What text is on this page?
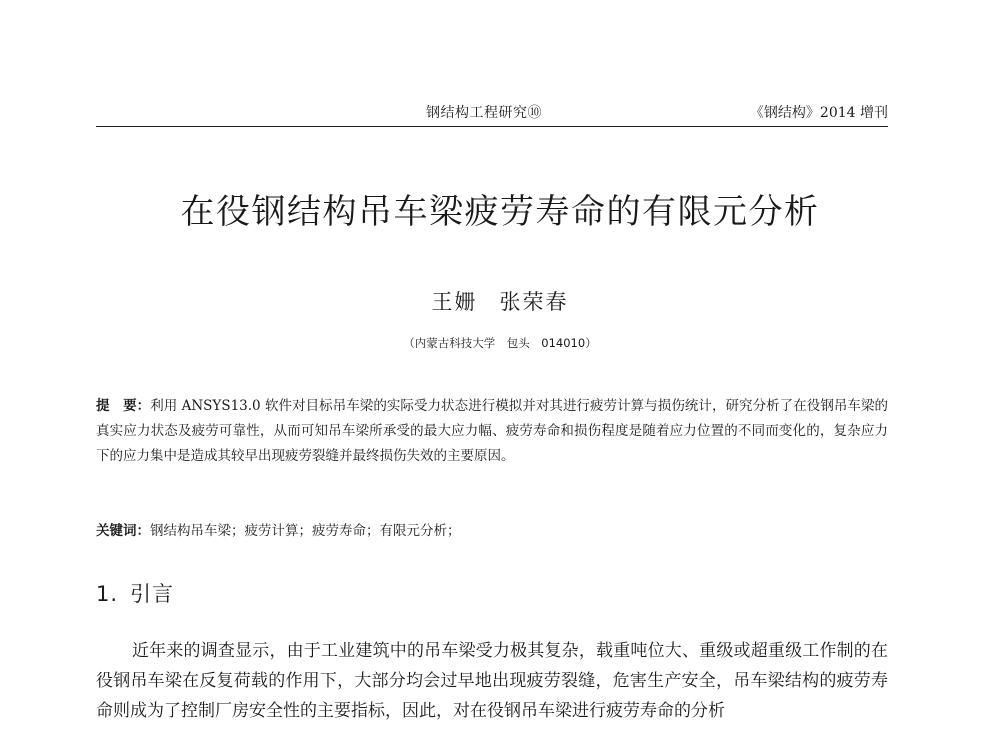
钢结构工程研究⑩	《钢结构》2014 增刊
在役钢结构吊车梁疲劳寿命的有限元分析
王姗 张荣春
（内蒙古科技大学　包头　014010）

提　要：利用 ANSYS13.0 软件对目标吊车梁的实际受力状态进行模拟并对其进行疲劳计算与损伤统计，研究分析了在役钢吊车梁的真实应力状态及疲劳可靠性，从而可知吊车梁所承受的最大应力幅、疲劳寿命和损伤程度是随着应力位置的不同而变化的，复杂应力下的应力集中是造成其较早出现疲劳裂缝并最终损伤失效的主要原因。

关键词：钢结构吊车梁；疲劳计算；疲劳寿命；有限元分析；

1. 引言

近年来的调查显示，由于工业建筑中的吊车梁受力极其复杂，载重吨位大、重级或超重级工作制的在役钢吊车梁在反复荷载的作用下，大部分均会过早地出现疲劳裂缝，危害生产安全，吊车梁结构的疲劳寿命则成为了控制厂房安全性的主要指标，因此，对在役钢吊车梁进行疲劳寿命的分析
